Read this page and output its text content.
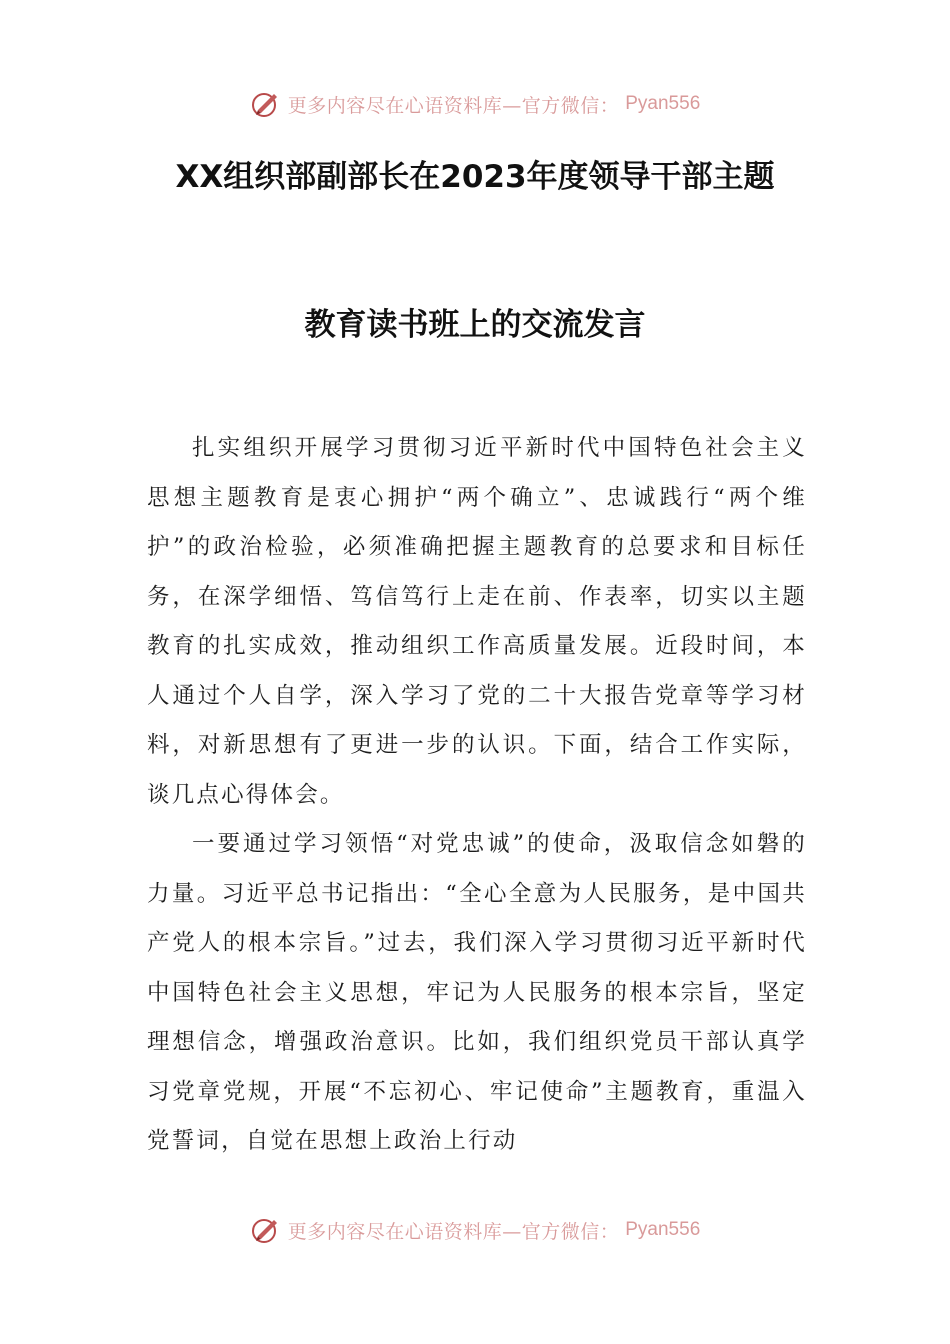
更多内容尽在心语资料库—官方微信： Pyan556
XX组织部副部长在2023年度领导干部主题
教育读书班上的交流发言

扎实组织开展学习贯彻习近平新时代中国特色社会主义思想主题教育是衷心拥护“两个确立”、忠诚践行“两个维护”的政治检验，必须准确把握主题教育的总要求和目标任务，在深学细悟、笃信笃行上走在前、作表率，切实以主题教育的扎实成效，推动组织工作高质量发展。近段时间，本人通过个人自学，深入学习了党的二十大报告党章等学习材料，对新思想有了更进一步的认识。下面，结合工作实际，谈几点心得体会。

一要通过学习领悟“对党忠诚”的使命，汲取信念如磐的力量。习近平总书记指出：“全心全意为人民服务，是中国共产党人的根本宗旨。”过去，我们深入学习贯彻习近平新时代中国特色社会主义思想，牢记为人民服务的根本宗旨，坚定理想信念，增强政治意识。比如，我们组织党员干部认真学习党章党规，开展“不忘初心、牢记使命”主题教育，重温入党誓词，自觉在思想上政治上行动

更多内容尽在心语资料库—官方微信： Pyan556
